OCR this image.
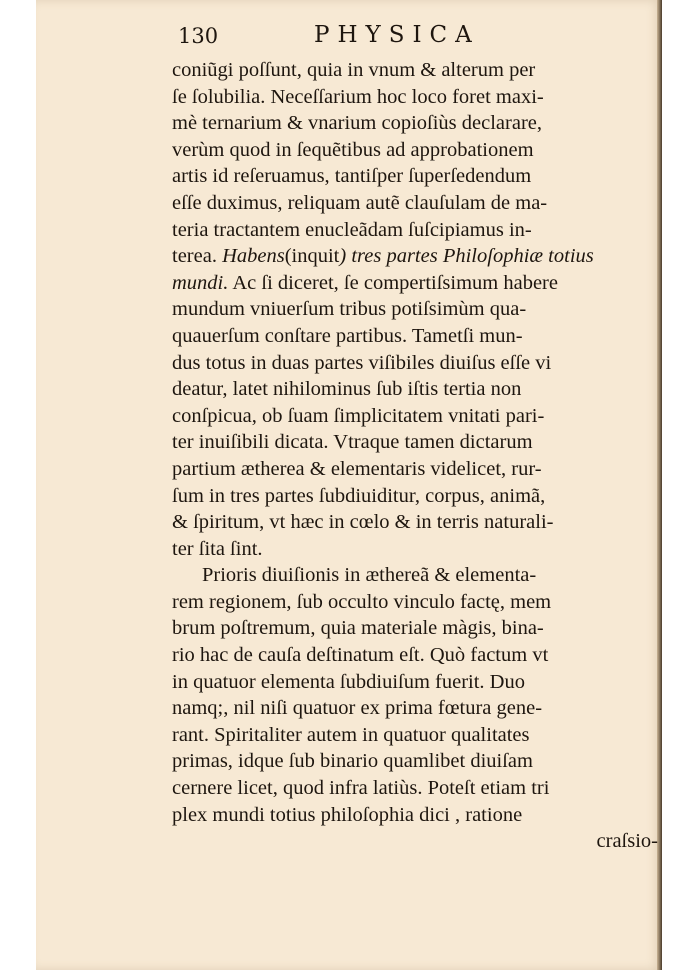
130	PHYSICA
coniũgi poſſunt, quia in vnum & alterum per
ſe ſolubilia. Neceſſarium hoc loco foret maxi-
mè ternarium & vnarium copioſiùs declarare,
verùm quod in ſequẽtibus ad approbationem
artis id reſeruamus, tantiſper ſuperſedendum
eſſe duximus, reliquam autẽ clauſulam de ma-
teria tractantem enucleãdam ſuſcipiamus in-
terea. Habens(inquit) tres partes Philoſophiæ totius
mundi. Ac ſi diceret, ſe compertiſsimum habere
mundum vniuerſum tribus potiſsimùm qua-
quauerſum conſtare partibus. Tametſi mun-
dus totus in duas partes viſibiles diuiſus eſſe vi
deatur, latet nihilominus ſub iſtis tertia non
conſpicua, ob ſuam ſimplicitatem vnitati pari-
ter inuiſibili dicata. Vtraque tamen dictarum
partium ætherea & elementaris videlicet, rur-
ſum in tres partes ſubdiuiditur, corpus, animã,
& ſpiritum, vt hæc in cœlo & in terris naturali-
ter ſita ſint.
Prioris diuiſionis in æthereã & elementa-
rem regionem, ſub occulto vinculo factę, mem
brum poſtremum, quia materiale màgis, bina-
rio hac de cauſa deſtinatum eſt. Quò factum vt
in quatuor elementa ſubdiuiſum fuerit. Duo
namq;, nil niſi quatuor ex prima fœtura gene-
rant. Spiritaliter autem in quatuor qualitates
primas, idque ſub binario quamlibet diuiſam
cernere licet, quod infra latiùs. Poteſt etiam tri
plex mundi totius philoſophia dici , ratione
craſsio-
